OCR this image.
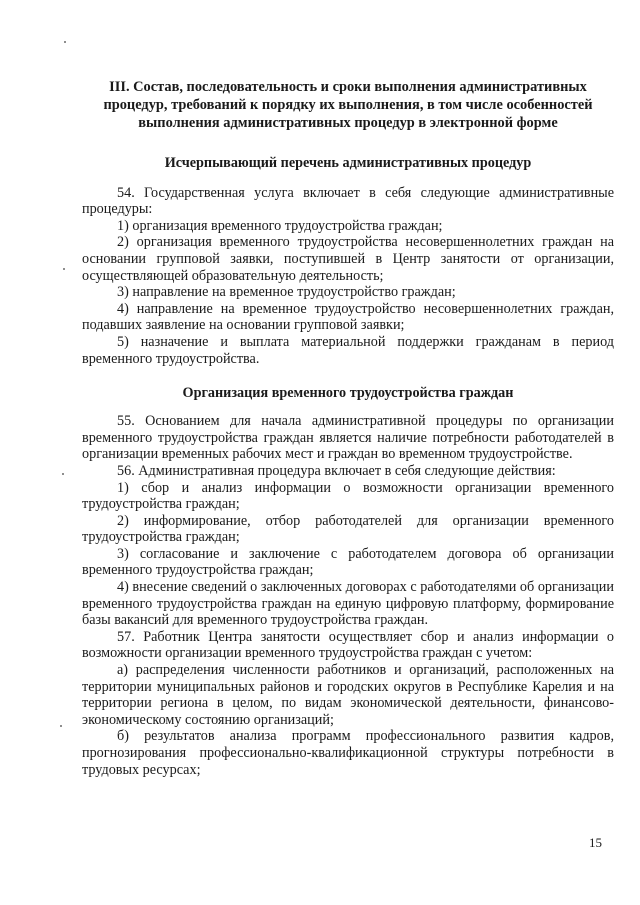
III. Состав, последовательность и сроки выполнения административных процедур, требований к порядку их выполнения, в том числе особенностей выполнения административных процедур в электронной форме
Исчерпывающий перечень административных процедур

54. Государственная услуга включает в себя следующие административные процедуры:

1) организация временного трудоустройства граждан;

2) организация временного трудоустройства несовершеннолетних граждан на основании групповой заявки, поступившей в Центр занятости от организации, осуществляющей образовательную деятельность;

3) направление на временное трудоустройство граждан;

4) направление на временное трудоустройство несовершеннолетних граждан, подавших заявление на основании групповой заявки;

5) назначение и выплата материальной поддержки гражданам в период временного трудоустройства.

Организация временного трудоустройства граждан

55. Основанием для начала административной процедуры по организации временного трудоустройства граждан является наличие потребности работодателей в организации временных рабочих мест и граждан во временном трудоустройстве.

56. Административная процедура включает в себя следующие действия:

1) сбор и анализ информации о возможности организации временного трудоустройства граждан;

2) информирование, отбор работодателей для организации временного трудоустройства граждан;

3) согласование и заключение с работодателем договора об организации временного трудоустройства граждан;

4) внесение сведений о заключенных договорах с работодателями об организации временного трудоустройства граждан на единую цифровую платформу, формирование базы вакансий для временного трудоустройства граждан.

57. Работник Центра занятости осуществляет сбор и анализ информации о возможности организации временного трудоустройства граждан с учетом:

а) распределения численности работников и организаций, расположенных на территории муниципальных районов и городских округов в Республике Карелия и на территории региона в целом, по видам экономической деятельности, финансово-экономическому состоянию организаций;

б) результатов анализа программ профессионального развития кадров, прогнозирования профессионально-квалификационной структуры потребности в трудовых ресурсах;

15
